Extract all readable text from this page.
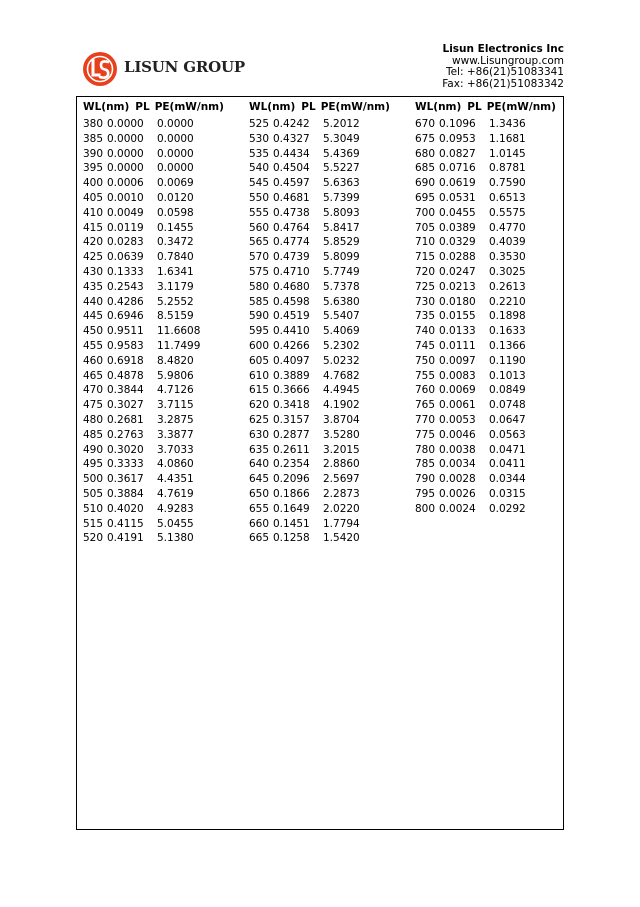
LISUN GROUP
Lisun Electronics Inc
www.Lisungroup.com
Tel: +86(21)51083341
Fax: +86(21)51083342
WL(nm) PL PE(mW/nm)
380 0.0000 0.0000
385 0.0000 0.0000
390 0.0000 0.0000
395 0.0000 0.0000
400 0.0006 0.0069
405 0.0010 0.0120
410 0.0049 0.0598
415 0.0119 0.1455
420 0.0283 0.3472
425 0.0639 0.7840
430 0.1333 1.6341
435 0.2543 3.1179
440 0.4286 5.2552
445 0.6946 8.5159
450 0.9511 11.6608
455 0.9583 11.7499
460 0.6918 8.4820
465 0.4878 5.9806
470 0.3844 4.7126
475 0.3027 3.7115
480 0.2681 3.2875
485 0.2763 3.3877
490 0.3020 3.7033
495 0.3333 4.0860
500 0.3617 4.4351
505 0.3884 4.7619
510 0.4020 4.9283
515 0.4115 5.0455
520 0.4191 5.1380
WL(nm) PL PE(mW/nm)
525 0.4242 5.2012
530 0.4327 5.3049
535 0.4434 5.4369
540 0.4504 5.5227
545 0.4597 5.6363
550 0.4681 5.7399
555 0.4738 5.8093
560 0.4764 5.8417
565 0.4774 5.8529
570 0.4739 5.8099
575 0.4710 5.7749
580 0.4680 5.7378
585 0.4598 5.6380
590 0.4519 5.5407
595 0.4410 5.4069
600 0.4266 5.2302
605 0.4097 5.0232
610 0.3889 4.7682
615 0.3666 4.4945
620 0.3418 4.1902
625 0.3157 3.8704
630 0.2877 3.5280
635 0.2611 3.2015
640 0.2354 2.8860
645 0.2096 2.5697
650 0.1866 2.2873
655 0.1649 2.0220
660 0.1451 1.7794
665 0.1258 1.5420
WL(nm) PL PE(mW/nm)
670 0.1096 1.3436
675 0.0953 1.1681
680 0.0827 1.0145
685 0.0716 0.8781
690 0.0619 0.7590
695 0.0531 0.6513
700 0.0455 0.5575
705 0.0389 0.4770
710 0.0329 0.4039
715 0.0288 0.3530
720 0.0247 0.3025
725 0.0213 0.2613
730 0.0180 0.2210
735 0.0155 0.1898
740 0.0133 0.1633
745 0.0111 0.1366
750 0.0097 0.1190
755 0.0083 0.1013
760 0.0069 0.0849
765 0.0061 0.0748
770 0.0053 0.0647
775 0.0046 0.0563
780 0.0038 0.0471
785 0.0034 0.0411
790 0.0028 0.0344
795 0.0026 0.0315
800 0.0024 0.0292
